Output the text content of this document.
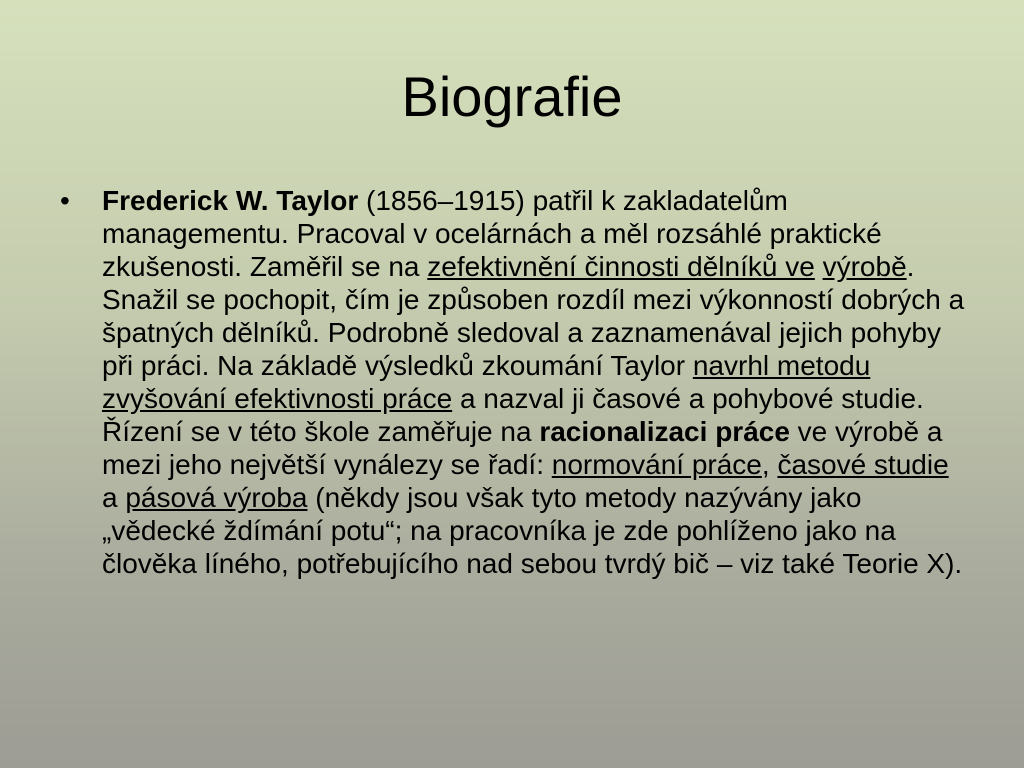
Biografie
• Frederick W. Taylor (1856–1915) patřil k zakladatelům managementu. Pracoval v ocelárnách a měl rozsáhlé praktické zkušenosti. Zaměřil se na zefektivnění činnosti dělníků ve výrobě. Snažil se pochopit, čím je způsoben rozdíl mezi výkonností dobrých a špatných dělníků. Podrobně sledoval a zaznamenával jejich pohyby při práci. Na základě výsledků zkoumání Taylor navrhl metodu zvyšování efektivnosti práce a nazval ji časové a pohybové studie. Řízení se v této škole zaměřuje na racionalizaci práce ve výrobě a mezi jeho největší vynálezy se řadí: normování práce, časové studie a pásová výroba (někdy jsou však tyto metody nazývány jako „vědecké ždímání potu“; na pracovníka je zde pohlíženo jako na člověka líného, potřebujícího nad sebou tvrdý bič – viz také Teorie X).
